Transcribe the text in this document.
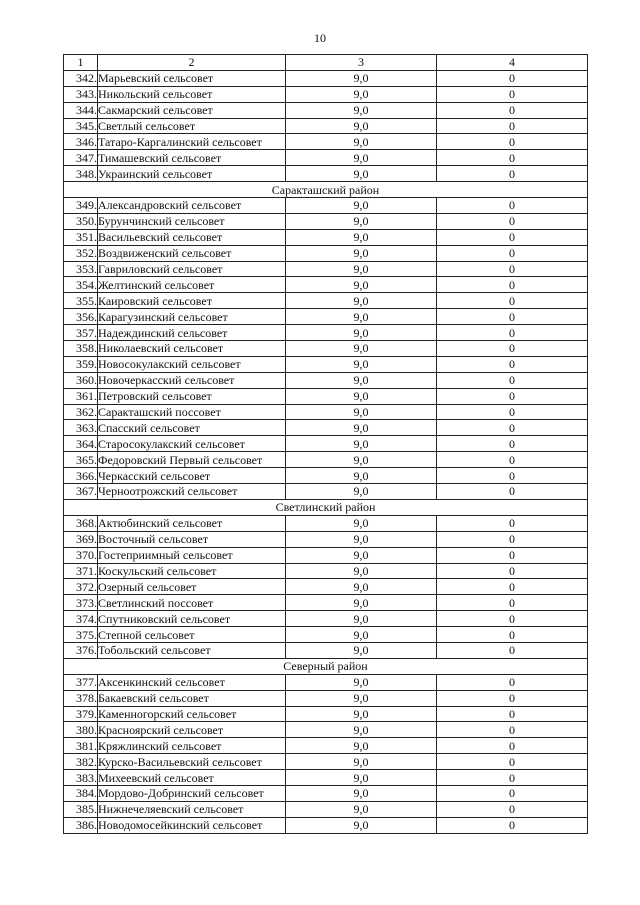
10
1	2	3	4
342.	Марьевский сельсовет	9,0	0
343.	Никольский сельсовет	9,0	0
344.	Сакмарский сельсовет	9,0	0
345.	Светлый сельсовет	9,0	0
346.	Татаро-Каргалинский сельсовет	9,0	0
347.	Тимашевский сельсовет	9,0	0
348.	Украинский сельсовет	9,0	0
Саракташский район			
349.	Александровский сельсовет	9,0	0
350.	Бурунчинский сельсовет	9,0	0
351.	Васильевский сельсовет	9,0	0
352.	Воздвиженский сельсовет	9,0	0
353.	Гавриловский сельсовет	9,0	0
354.	Желтинский сельсовет	9,0	0
355.	Каировский сельсовет	9,0	0
356.	Карагузинский сельсовет	9,0	0
357.	Надеждинский сельсовет	9,0	0
358.	Николаевский сельсовет	9,0	0
359.	Новосокулакский сельсовет	9,0	0
360.	Новочеркасский сельсовет	9,0	0
361.	Петровский сельсовет	9,0	0
362.	Саракташский поссовет	9,0	0
363.	Спасский сельсовет	9,0	0
364.	Старосокулакский сельсовет	9,0	0
365.	Федоровский Первый сельсовет	9,0	0
366.	Черкасский сельсовет	9,0	0
367.	Черноотрожский сельсовет	9,0	0
Светлинский район			
368.	Актюбинский сельсовет	9,0	0
369.	Восточный сельсовет	9,0	0
370.	Гостеприимный сельсовет	9,0	0
371.	Коскульский сельсовет	9,0	0
372.	Озерный сельсовет	9,0	0
373.	Светлинский поссовет	9,0	0
374.	Спутниковский сельсовет	9,0	0
375.	Степной сельсовет	9,0	0
376.	Тобольский сельсовет	9,0	0
Северный район			
377.	Аксенкинский сельсовет	9,0	0
378.	Бакаевский сельсовет	9,0	0
379.	Каменногорский сельсовет	9,0	0
380.	Красноярский сельсовет	9,0	0
381.	Кряжлинский сельсовет	9,0	0
382.	Курско-Васильевский сельсовет	9,0	0
383.	Михеевский сельсовет	9,0	0
384.	Мордово-Добринский сельсовет	9,0	0
385.	Нижнечеляевский сельсовет	9,0	0
386.	Новодомосейкинский сельсовет	9,0	0
